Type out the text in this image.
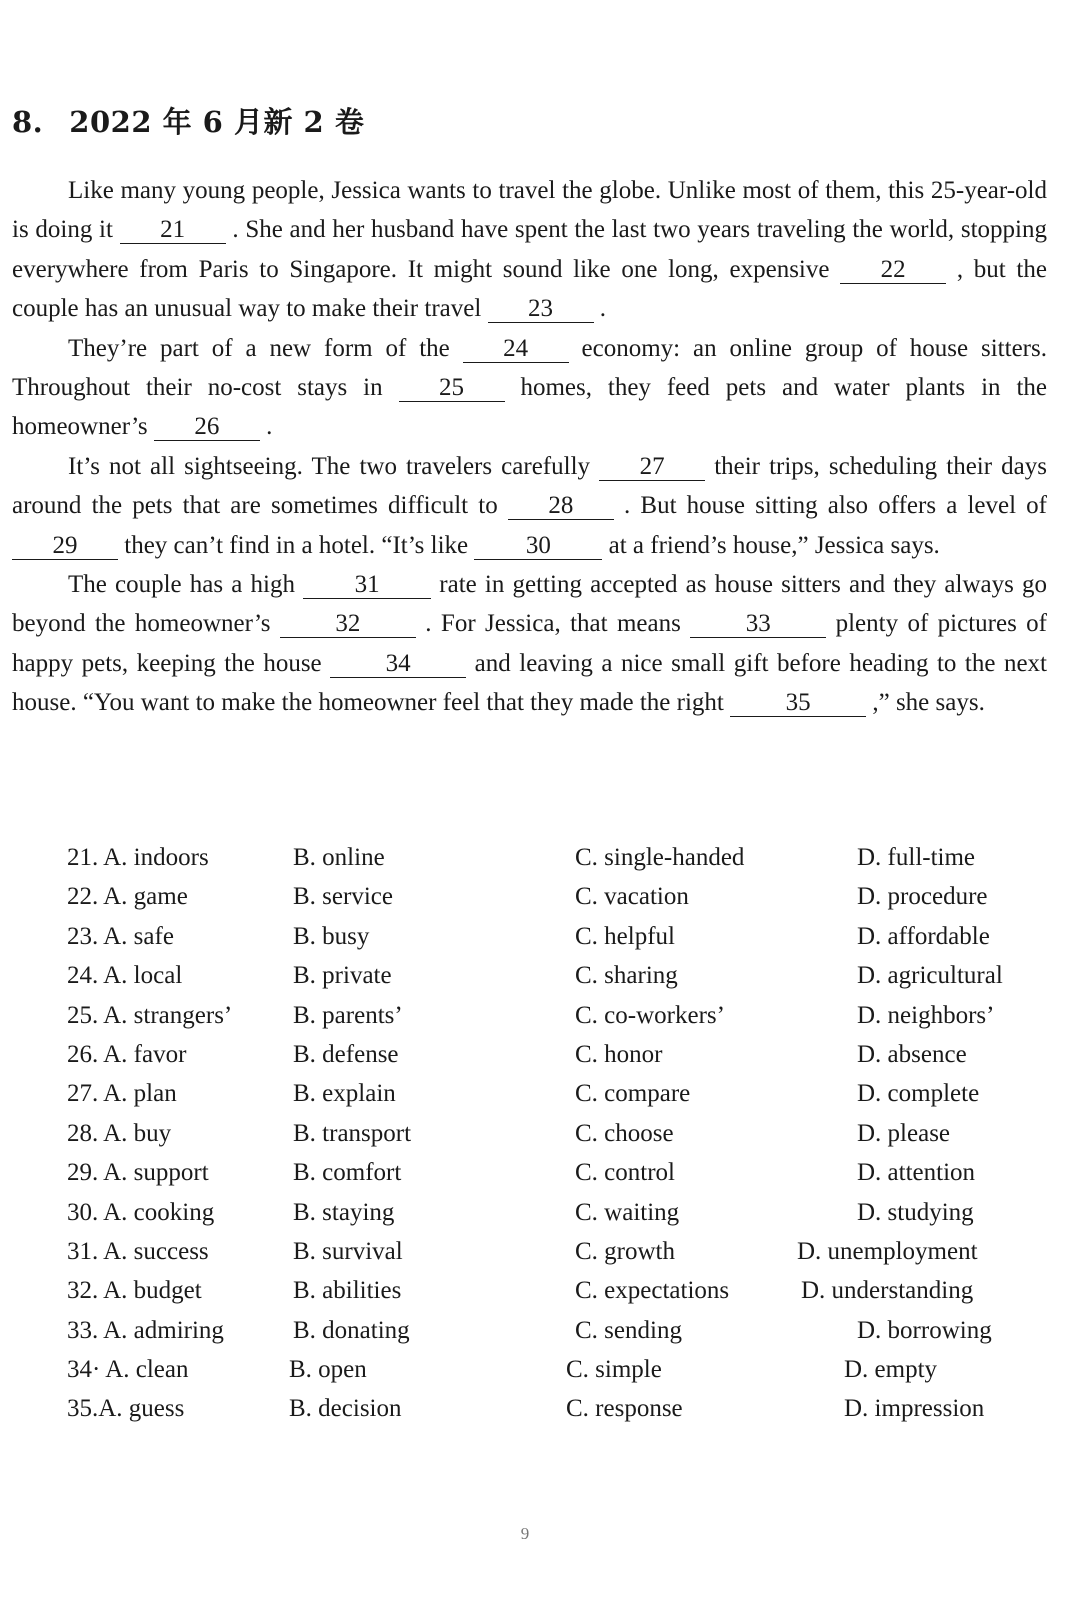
8. 2022 年 6 月新 2 卷

Like many young people, Jessica wants to travel the globe. Unlike most of them, this 25-year-old is doing it 21 . She and her husband have spent the last two years traveling the world, stopping everywhere from Paris to Singapore. It might sound like one long, expensive 22 , but the couple has an unusual way to make their travel 23 .

They’re part of a new form of the 24 economy: an online group of house sitters. Throughout their no-cost stays in 25 homes, they feed pets and water plants in the homeowner’s 26 .

It’s not all sightseeing. The two travelers carefully 27 their trips, scheduling their days around the pets that are sometimes difficult to 28 . But house sitting also offers a level of 29 they can’t find in a hotel. “It’s like 30 at a friend’s house,” Jessica says.

The couple has a high 31 rate in getting accepted as house sitters and they always go beyond the homeowner’s 32 . For Jessica, that means 33 plenty of pictures of happy pets, keeping the house 34 and leaving a nice small gift before heading to the next house. “You want to make the homeowner feel that they made the right 35 ,” she says.

21. A. indoors	B. online	C. single-handed	D. full-time
22. A. game	B. service	C. vacation	D. procedure
23. A. safe	B. busy	C. helpful	D. affordable
24. A. local	B. private	C. sharing	D. agricultural
25. A. strangers’ B. parents’	C. co-workers’	D. neighbors’
26. A. favor	B. defense	C. honor	D. absence
27. A. plan	B. explain	C. compare	D. complete
28. A. buy	B. transport	C. choose	D. please
29. A. support	B. comfort	C. control	D. attention
30. A. cooking	B. staying	C. waiting	D. studying
31. A. success	B. survival	C. growth	D. unemployment
32. A. budget	B. abilities	C. expectations	D. understanding
33. A. admiring	B. donating	C. sending	D. borrowing
34· A. clean	B. open	C. simple	D. empty
35.A. guess	B. decision	C. response	D. impression
9
